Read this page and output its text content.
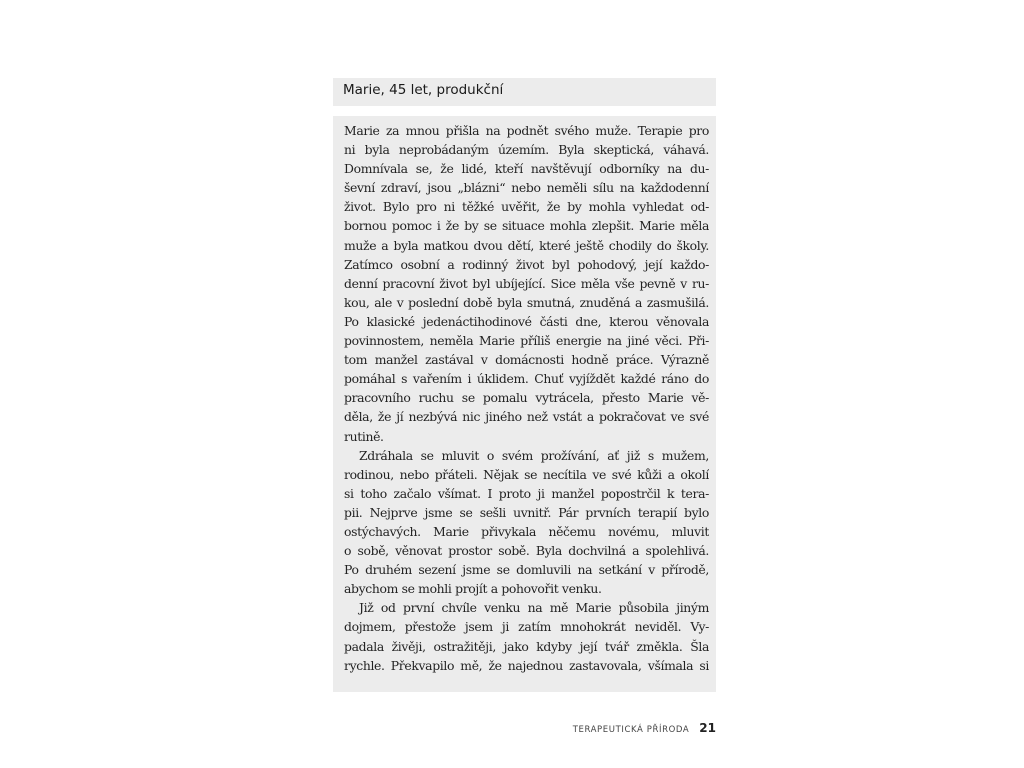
Marie, 45 let, produkční
Marie za mnou přišla na podnět svého muže. Terapie pro
ni byla neprobádaným územím. Byla skeptická, váhavá.
Domnívala se, že lidé, kteří navštěvují odborníky na du-
ševní zdraví, jsou „blázni“ nebo neměli sílu na každodenní
život. Bylo pro ni těžké uvěřit, že by mohla vyhledat od-
bornou pomoc i že by se situace mohla zlepšit. Marie měla
muže a byla matkou dvou dětí, které ještě chodily do školy.
Zatímco osobní a rodinný život byl pohodový, její každo-
denní pracovní život byl ubíjející. Sice měla vše pevně v ru-
kou, ale v poslední době byla smutná, znuděná a zasmušilá.
Po klasické jedenáctihodinové části dne, kterou věnovala
povinnostem, neměla Marie příliš energie na jiné věci. Při-
tom manžel zastával v domácnosti hodně práce. Výrazně
pomáhal s vařením i úklidem. Chuť vyjíždět každé ráno do
pracovního ruchu se pomalu vytrácela, přesto Marie vě-
děla, že jí nezbývá nic jiného než vstát a pokračovat ve své
rutině.
Zdráhala se mluvit o svém prožívání, ať již s mužem,
rodinou, nebo přáteli. Nějak se necítila ve své kůži a okolí
si toho začalo všímat. I proto ji manžel popostrčil k tera-
pii. Nejprve jsme se sešli uvnitř. Pár prvních terapií bylo
ostýchavých. Marie přivykala něčemu novému, mluvit
o sobě, věnovat prostor sobě. Byla dochvilná a spolehlivá.
Po druhém sezení jsme se domluvili na setkání v přírodě,
abychom se mohli projít a pohovořit venku.
Již od první chvíle venku na mě Marie působila jiným
dojmem, přestože jsem ji zatím mnohokrát neviděl. Vy-
padala živěji, ostražitěji, jako kdyby její tvář změkla. Šla
rychle. Překvapilo mě, že najednou zastavovala, všímala si
TERAPEUTICKÁ PŘÍRODA 21
